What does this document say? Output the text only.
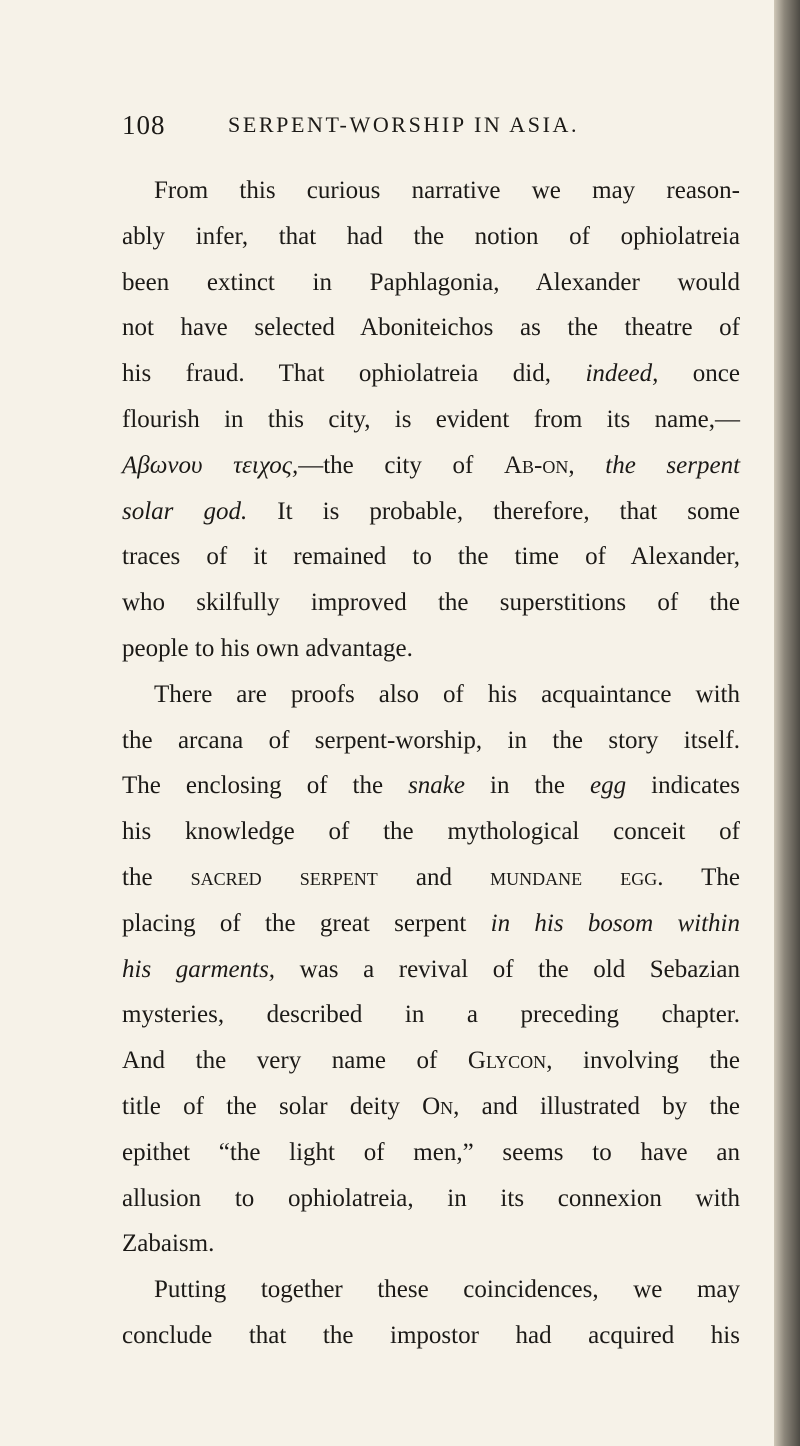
108	SERPENT-WORSHIP IN ASIA.
From this curious narrative we may reason-
ably infer, that had the notion of ophiolatreia
been extinct in Paphlagonia, Alexander would
not have selected Aboniteichos as the theatre of
his fraud. That ophiolatreia did, indeed, once
flourish in this city, is evident from its name,—
Αβωνου τειχος,—the city of Ab-on, the serpent
solar god. It is probable, therefore, that some
traces of it remained to the time of Alexander,
who skilfully improved the superstitions of the
people to his own advantage.
There are proofs also of his acquaintance with
the arcana of serpent-worship, in the story itself.
The enclosing of the snake in the egg indicates
his knowledge of the mythological conceit of
the sacred serpent and mundane egg. The
placing of the great serpent in his bosom within
his garments, was a revival of the old Sebazian
mysteries, described in a preceding chapter.
And the very name of Glycon, involving the
title of the solar deity On, and illustrated by the
epithet “the light of men,” seems to have an
allusion to ophiolatreia, in its connexion with
Zabaism.
Putting together these coincidences, we may
conclude that the impostor had acquired his
